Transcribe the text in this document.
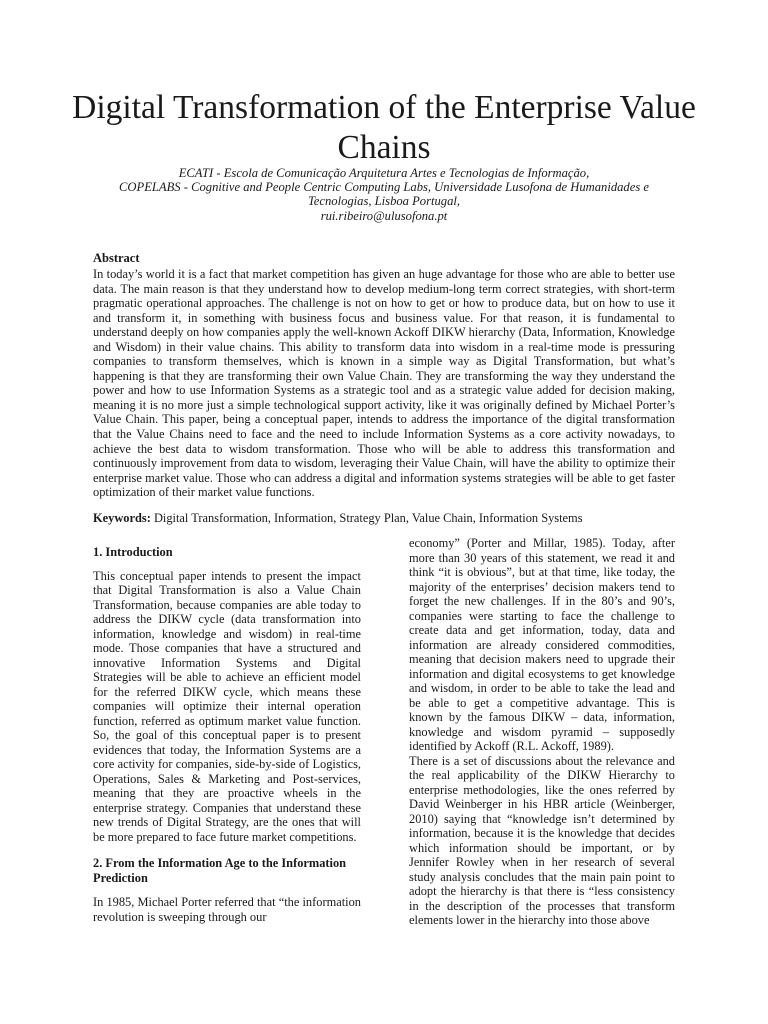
Digital Transformation of the Enterprise Value Chains
ECATI - Escola de Comunicação Arquitetura Artes e Tecnologias de Informação,
COPELABS - Cognitive and People Centric Computing Labs, Universidade Lusofona de Humanidades e
Tecnologias, Lisboa Portugal,
rui.ribeiro@ulusofona.pt
Abstract

In today’s world it is a fact that market competition has given an huge advantage for those who are able to better use data. The main reason is that they understand how to develop medium-long term correct strategies, with short-term pragmatic operational approaches. The challenge is not on how to get or how to produce data, but on how to use it and transform it, in something with business focus and business value. For that reason, it is fundamental to understand deeply on how companies apply the well-known Ackoff DIKW hierarchy (Data, Information, Knowledge and Wisdom) in their value chains. This ability to transform data into wisdom in a real-time mode is pressuring companies to transform themselves, which is known in a simple way as Digital Transformation, but what’s happening is that they are transforming their own Value Chain. They are transforming the way they understand the power and how to use Information Systems as a strategic tool and as a strategic value added for decision making, meaning it is no more just a simple technological support activity, like it was originally defined by Michael Porter’s Value Chain. This paper, being a conceptual paper, intends to address the importance of the digital transformation that the Value Chains need to face and the need to include Information Systems as a core activity nowadays, to achieve the best data to wisdom transformation. Those who will be able to address this transformation and continuously improvement from data to wisdom, leveraging their Value Chain, will have the ability to optimize their enterprise market value. Those who can address a digital and information systems strategies will be able to get faster optimization of their market value functions.

Keywords: Digital Transformation, Information, Strategy Plan, Value Chain, Information Systems

1. Introduction

This conceptual paper intends to present the impact that Digital Transformation is also a Value Chain Transformation, because companies are able today to address the DIKW cycle (data transformation into information, knowledge and wisdom) in real-time mode. Those companies that have a structured and innovative Information Systems and Digital Strategies will be able to achieve an efficient model for the referred DIKW cycle, which means these companies will optimize their internal operation function, referred as optimum market value function. So, the goal of this conceptual paper is to present evidences that today, the Information Systems are a core activity for companies, side-by-side of Logistics, Operations, Sales & Marketing and Post-services, meaning that they are proactive wheels in the enterprise strategy. Companies that understand these new trends of Digital Strategy, are the ones that will be more prepared to face future market competitions.

2. From the Information Age to the Information Prediction

In 1985, Michael Porter referred that “the information revolution is sweeping through our

economy” (Porter and Millar, 1985). Today, after more than 30 years of this statement, we read it and think “it is obvious”, but at that time, like today, the majority of the enterprises’ decision makers tend to forget the new challenges. If in the 80’s and 90’s, companies were starting to face the challenge to create data and get information, today, data and information are already considered commodities, meaning that decision makers need to upgrade their information and digital ecosystems to get knowledge and wisdom, in order to be able to take the lead and be able to get a competitive advantage. This is known by the famous DIKW – data, information, knowledge and wisdom pyramid – supposedly identified by Ackoff (R.L. Ackoff, 1989).

There is a set of discussions about the relevance and the real applicability of the DIKW Hierarchy to enterprise methodologies, like the ones referred by David Weinberger in his HBR article (Weinberger, 2010) saying that “knowledge isn’t determined by information, because it is the knowledge that decides which information should be important, or by Jennifer Rowley when in her research of several study analysis concludes that the main pain point to adopt the hierarchy is that there is “less consistency in the description of the processes that transform elements lower in the hierarchy into those above
